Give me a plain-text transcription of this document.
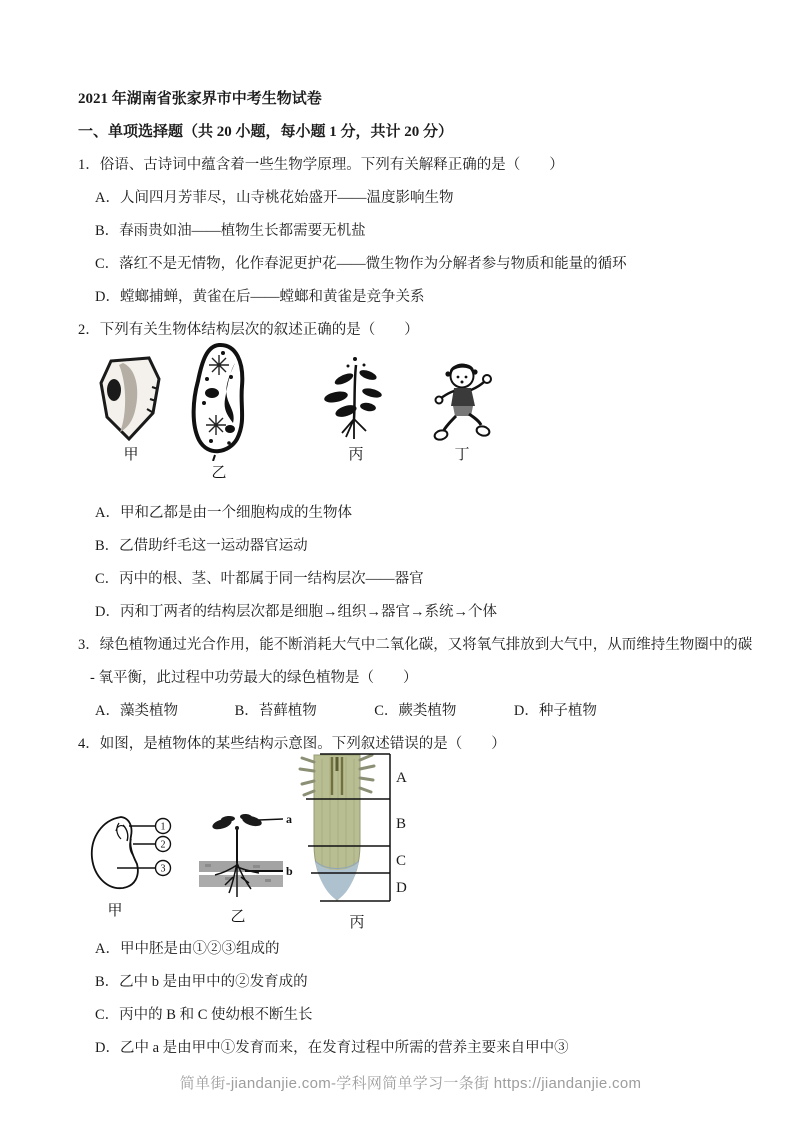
2021 年湖南省张家界市中考生物试卷
一、单项选择题（共 20 小题，每小题 1 分，共计 20 分）
1．俗语、古诗词中蕴含着一些生物学原理。下列有关解释正确的是（　　）
A．人间四月芳菲尽，山寺桃花始盛开——温度影响生物
B．春雨贵如油——植物生长都需要无机盐
C．落红不是无情物，化作春泥更护花——微生物作为分解者参与物质和能量的循环
D．螳螂捕蝉，黄雀在后——螳螂和黄雀是竞争关系
2．下列有关生物体结构层次的叙述正确的是（　　）
甲
乙
丙	丁
A．甲和乙都是由一个细胞构成的生物体
B．乙借助纤毛这一运动器官运动
C．丙中的根、茎、叶都属于同一结构层次——器官
D．丙和丁两者的结构层次都是细胞→组织→器官→系统→个体
3．绿色植物通过光合作用，能不断消耗大气中二氧化碳，又将氧气排放到大气中，从而维持生物圈中的碳
- 氧平衡，此过程中功劳最大的绿色植物是（　　）
A．藻类植物	B．苔藓植物	C．蕨类植物	D．种子植物
4．如图，是植物体的某些结构示意图。下列叙述错误的是（　　）
1
2
3
甲
a
b
乙
A
B
C
D
丙
A．甲中胚是由①②③组成的
B．乙中 b 是由甲中的②发育成的
C．丙中的 B 和 C 使幼根不断生长
D．乙中 a 是由甲中①发育而来，在发育过程中所需的营养主要来自甲中③
简单街-jiandanjie.com-学科网简单学习一条街 https://jiandanjie.com
